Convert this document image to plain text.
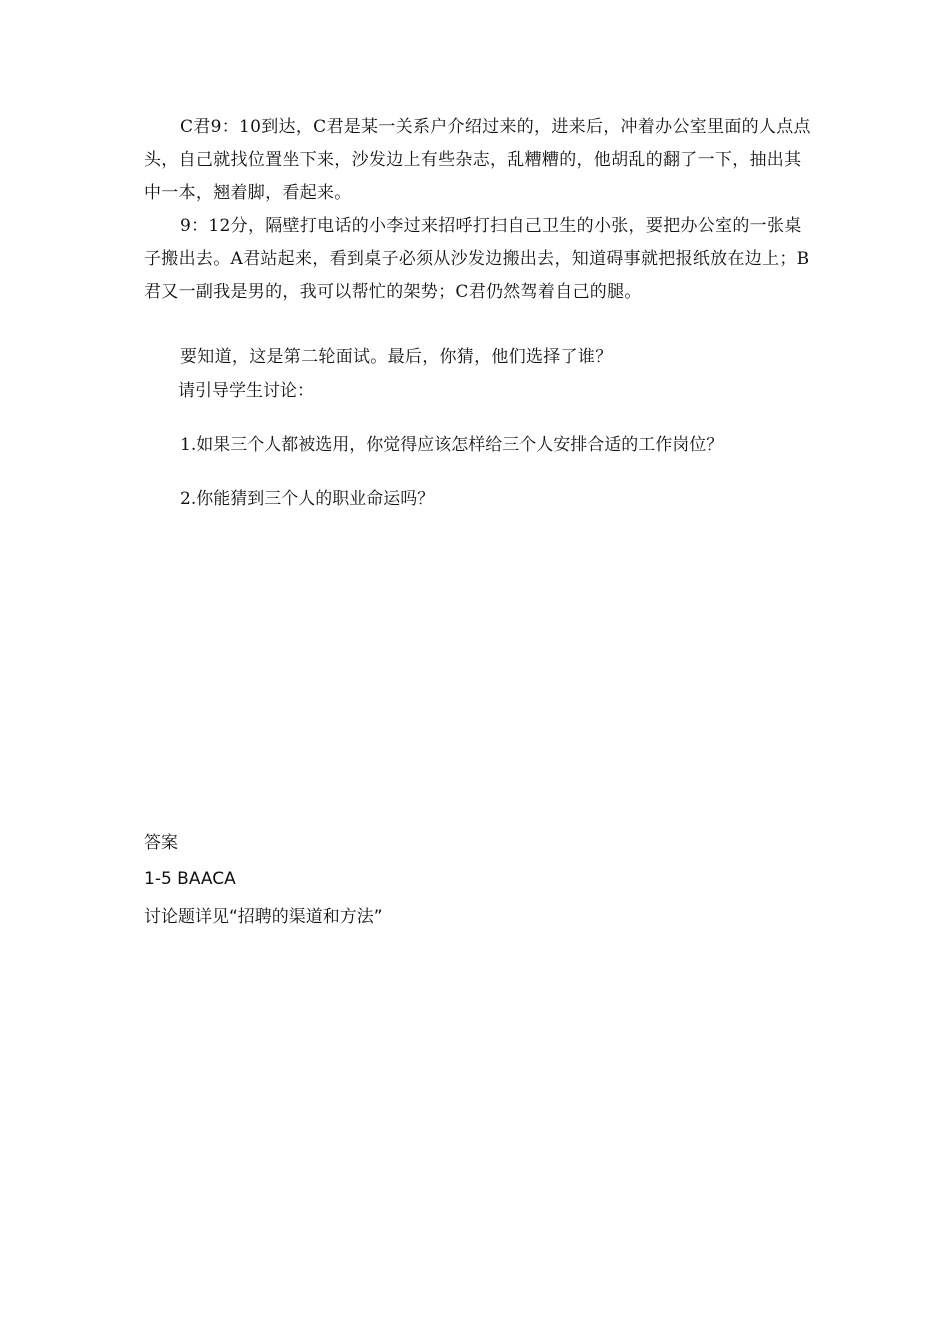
C君9：10到达，C君是某一关系户介绍过来的，进来后，冲着办公室里面的人点点头，自己就找位置坐下来，沙发边上有些杂志，乱糟糟的，他胡乱的翻了一下，抽出其中一本，翘着脚，看起来。

9：12分，隔壁打电话的小李过来招呼打扫自己卫生的小张，要把办公室的一张桌子搬出去。A君站起来，看到桌子必须从沙发边搬出去，知道碍事就把报纸放在边上；B君又一副我是男的，我可以帮忙的架势；C君仍然驾着自己的腿。

要知道，这是第二轮面试。最后，你猜，他们选择了谁？

请引导学生讨论：

1.如果三个人都被选用，你觉得应该怎样给三个人安排合适的工作岗位？

2.你能猜到三个人的职业命运吗？

答案

1-5 BAACA

讨论题详见“招聘的渠道和方法”
